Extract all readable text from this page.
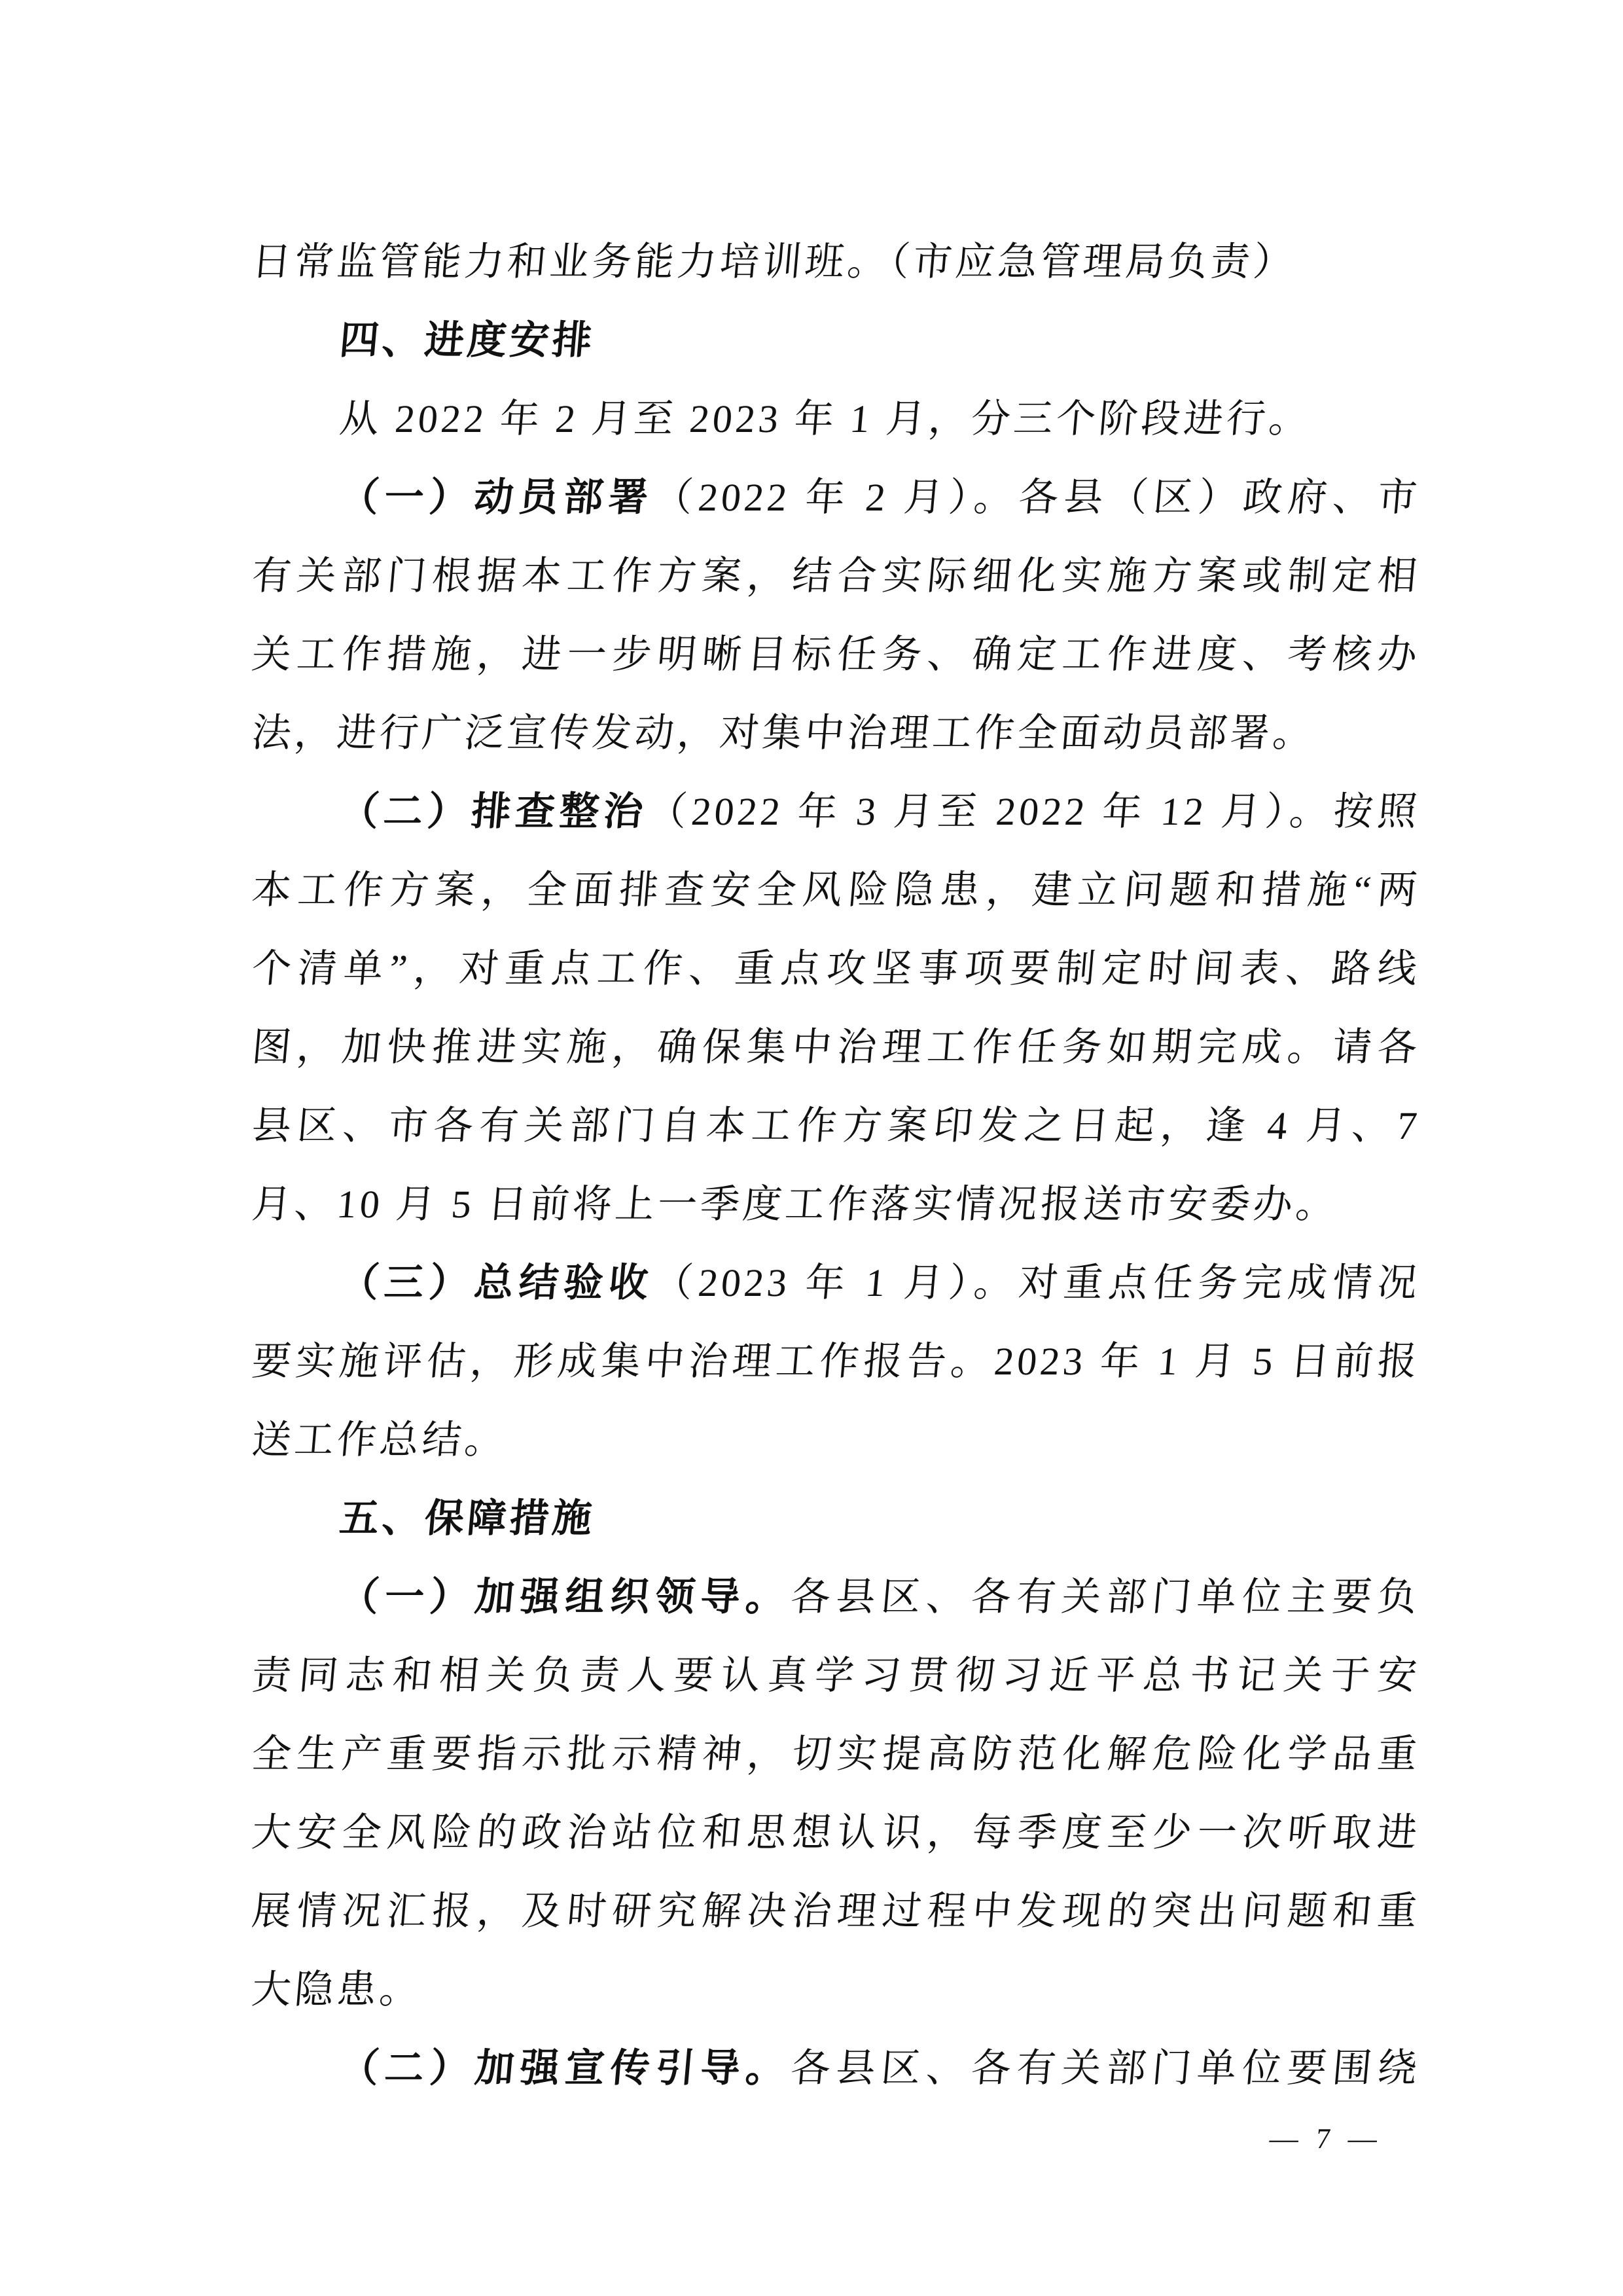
日常监管能力和业务能力培训班。（市应急管理局负责）
四、进度安排
从 2022 年 2 月至 2023 年 1 月，分三个阶段进行。
（一）动员部署（2022 年 2 月）。各县（区）政府、市
有关部门根据本工作方案，结合实际细化实施方案或制定相
关工作措施，进一步明晰目标任务、确定工作进度、考核办
法，进行广泛宣传发动，对集中治理工作全面动员部署。
（二）排查整治（2022 年 3 月至 2022 年 12 月）。按照
本工作方案，全面排查安全风险隐患，建立问题和措施“两
个清单”，对重点工作、重点攻坚事项要制定时间表、路线
图，加快推进实施，确保集中治理工作任务如期完成。请各
县区、市各有关部门自本工作方案印发之日起，逢 4 月、7
月、10 月 5 日前将上一季度工作落实情况报送市安委办。
（三）总结验收（2023 年 1 月）。对重点任务完成情况
要实施评估，形成集中治理工作报告。2023 年 1 月 5 日前报
送工作总结。
五、保障措施
（一）加强组织领导。各县区、各有关部门单位主要负
责同志和相关负责人要认真学习贯彻习近平总书记关于安
全生产重要指示批示精神，切实提高防范化解危险化学品重
大安全风险的政治站位和思想认识，每季度至少一次听取进
展情况汇报，及时研究解决治理过程中发现的突出问题和重
大隐患。
（二）加强宣传引导。各县区、各有关部门单位要围绕
— 7 —
